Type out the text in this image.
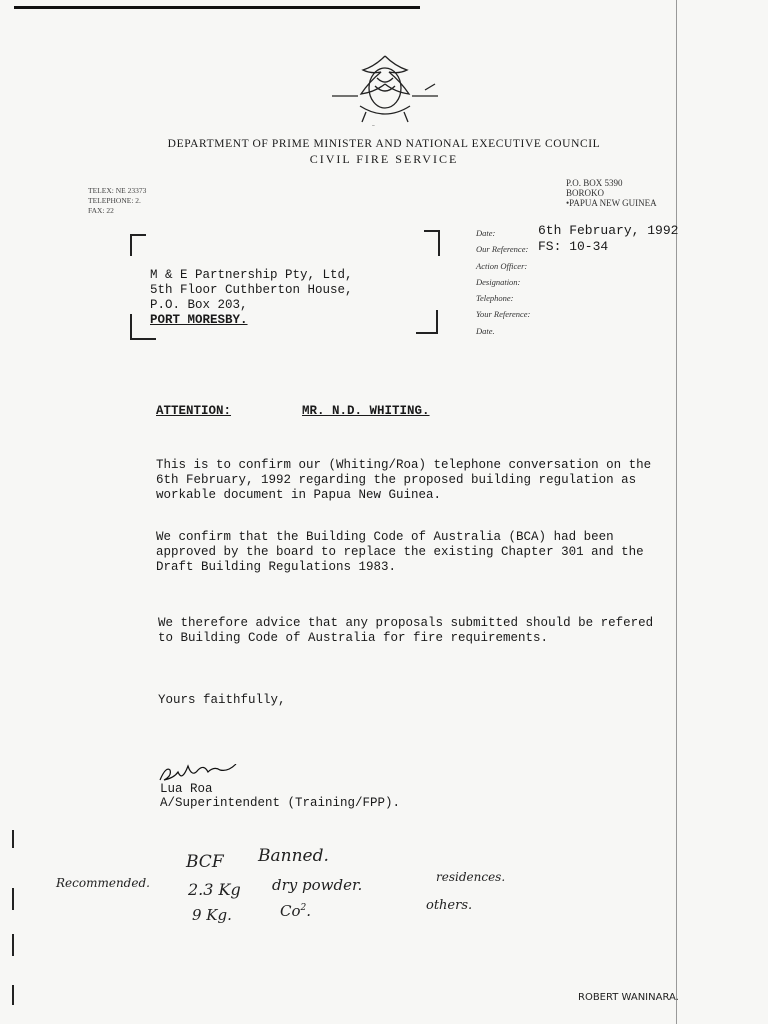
~
DEPARTMENT OF PRIME MINISTER AND NATIONAL EXECUTIVE COUNCIL
CIVIL FIRE SERVICE
TELEX: NE 23373
TELEPHONE: 2.
FAX: 22
P.O. BOX 5390
BOROKO
•PAPUA NEW GUINEA
Date:	6th February, 1992
Our Reference: FS: 10-34
Action Officer:
Designation:
Telephone:
Your Reference:
Date.
M & E Partnership Pty, Ltd,
5th Floor Cuthberton House,
P.O. Box 203,
PORT MORESBY.
ATTENTION:	MR. N.D. WHITING.
This is to confirm our (Whiting/Roa) telephone conversation on the
6th February, 1992 regarding the proposed building regulation as
workable document in Papua New Guinea.
We confirm that the Building Code of Australia (BCA) had been
approved by the board to replace the existing Chapter 301 and the
Draft Building Regulations 1983.
We therefore advice that any proposals submitted should be refered
to Building Code of Australia for fire requirements.
Yours faithfully,
Lua Roa
A/Superintendent (Training/FPP).
Recommended.
BCF Banned.
2.3 Kg dry powder.	residences.
9 Kg.	Co$^2$.	others.
ROBERT WANINARA.
